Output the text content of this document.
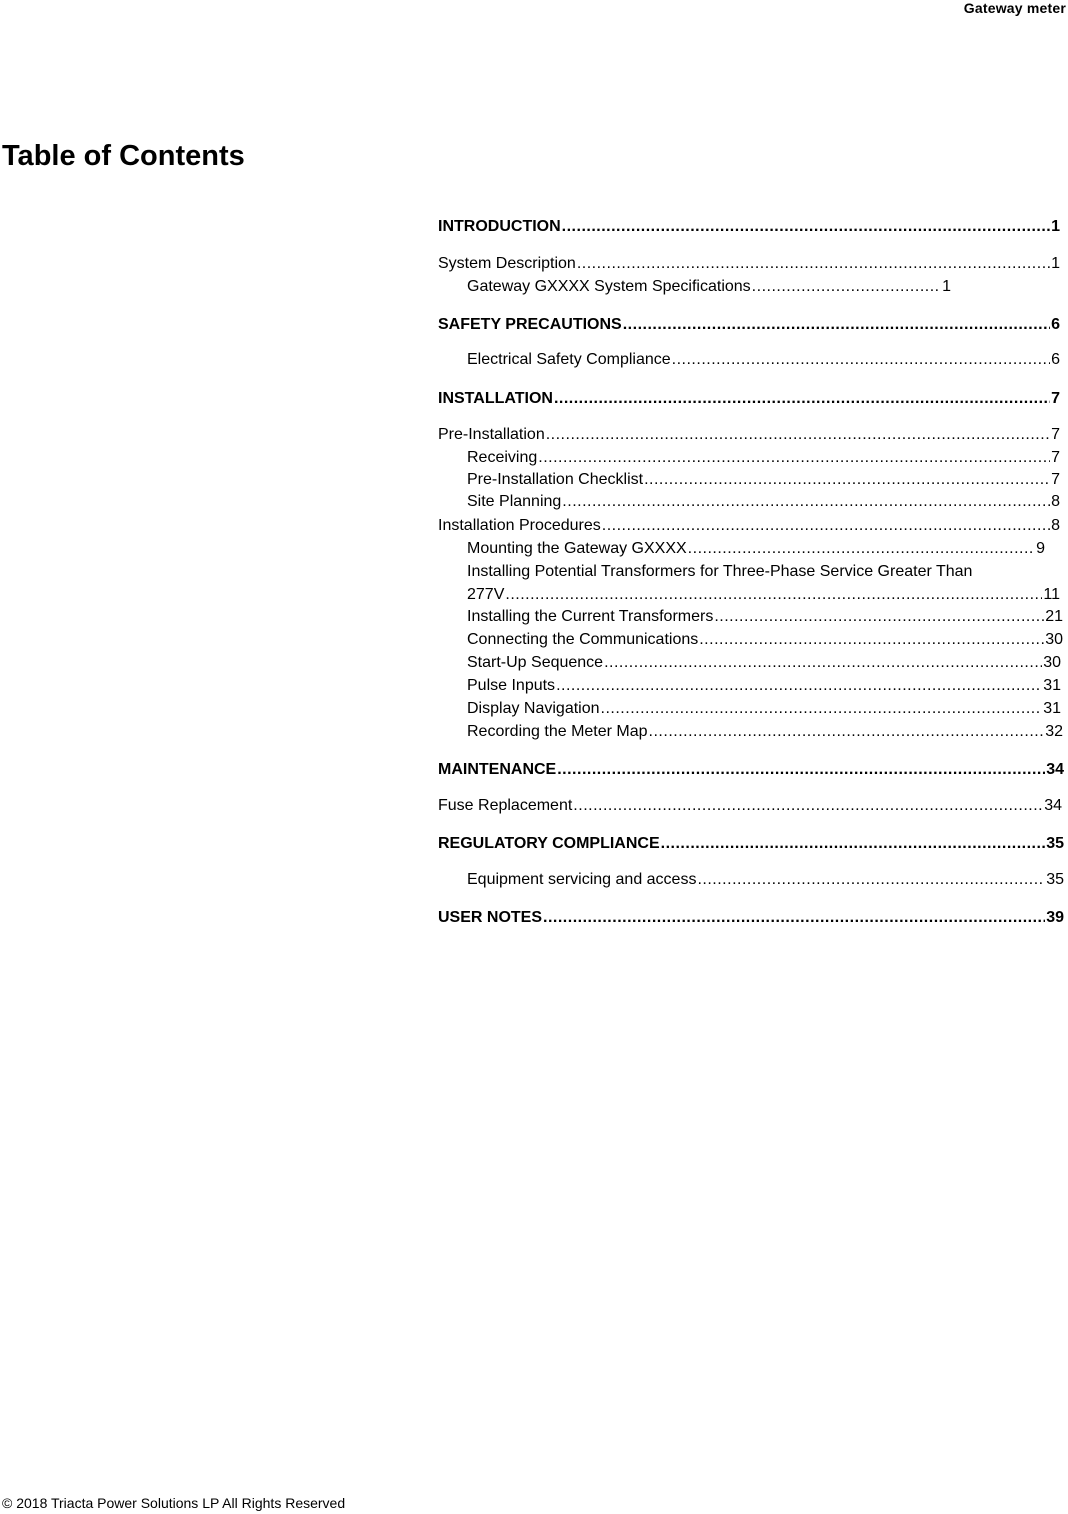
Gateway meter
Table of Contents
INTRODUCTION .....	1
System Description .....	1
Gateway GXXXX System Specifications .....	1
SAFETY PRECAUTIONS .....	6
Electrical Safety Compliance .....	6
INSTALLATION .....	7
Pre-Installation .....	7
Receiving .....	7
Pre-Installation Checklist .....	7
Site Planning .....	8
Installation Procedures .....	8
Mounting the Gateway GXXXX .....	9
Installing Potential Transformers for Three-Phase Service Greater Than
277V .....	11
Installing the Current Transformers .....	21
Connecting the Communications .....	30
Start-Up Sequence .....	30
Pulse Inputs .....	31
Display Navigation .....	31
Recording the Meter Map .....	32
MAINTENANCE .....	34
Fuse Replacement .....	34
REGULATORY COMPLIANCE .....	35
Equipment servicing and access .....	35
USER NOTES .....	39
© 2018 Triacta Power Solutions LP All Rights Reserved
